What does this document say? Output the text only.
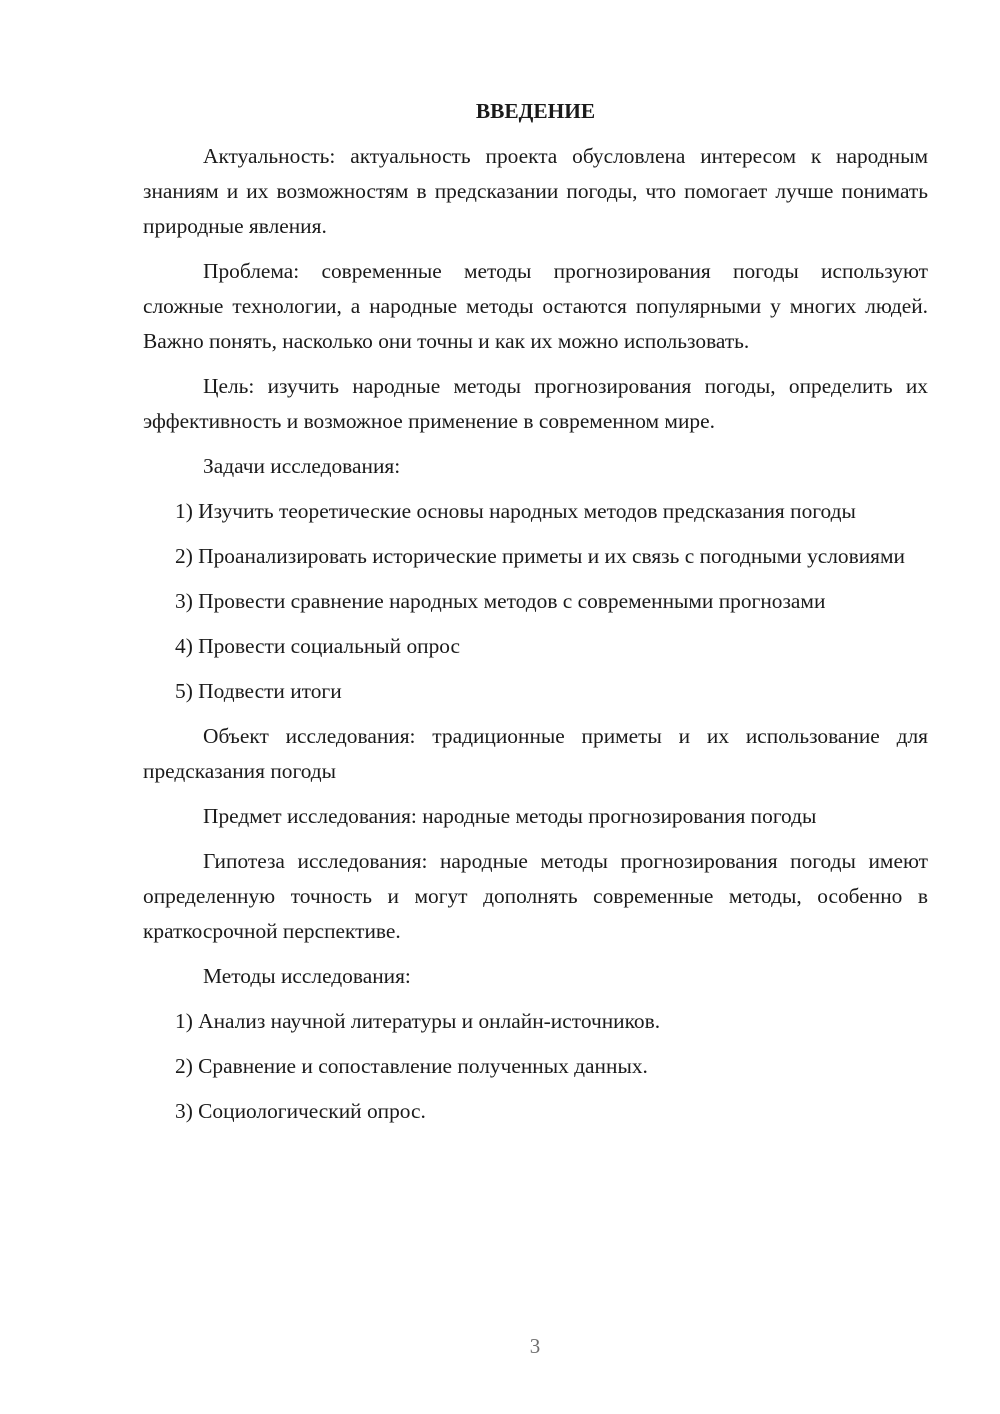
ВВЕДЕНИЕ

Актуальность: актуальность проекта обусловлена интересом к народным знаниям и их возможностям в предсказании погоды, что помогает лучше понимать природные явления.

Проблема: современные методы прогнозирования погоды используют сложные технологии, а народные методы остаются популярными у многих людей. Важно понять, насколько они точны и как их можно использовать.

Цель: изучить народные методы прогнозирования погоды, определить их эффективность и возможное применение в современном мире.

Задачи исследования:

1) Изучить теоретические основы народных методов предсказания погоды

2) Проанализировать исторические приметы и их связь с погодными условиями

3) Провести сравнение народных методов с современными прогнозами

4) Провести социальный опрос

5) Подвести итоги

Объект исследования: традиционные приметы и их использование для предсказания погоды

Предмет исследования: народные методы прогнозирования погоды

Гипотеза исследования: народные методы прогнозирования погоды имеют определенную точность и могут дополнять современные методы, особенно в краткосрочной перспективе.

Методы исследования:

1) Анализ научной литературы и онлайн-источников.

2) Сравнение и сопоставление полученных данных.

3) Социологический опрос.

3
